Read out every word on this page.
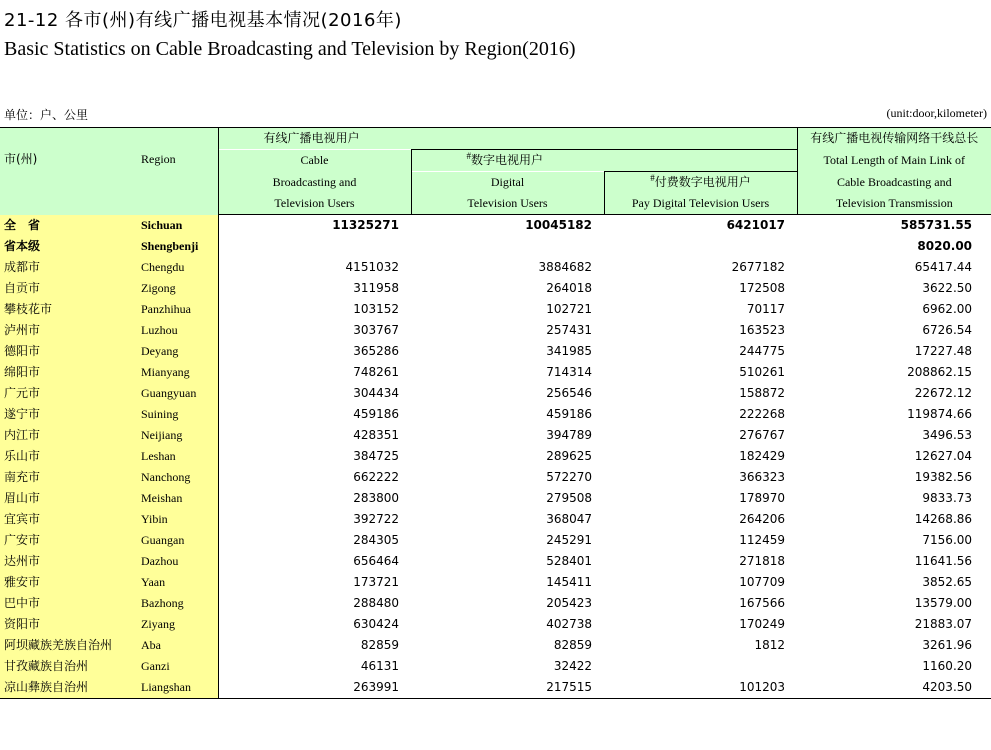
21-12 各市(州)有线广播电视基本情况(2016年)
Basic Statistics on Cable Broadcasting and Television by Region(2016)
单位：户、公里	(unit:door,kilometer)
市(州)	Region	有线广播电视用户			有线广播电视传输网络干线总长
		Cable	#数字电视用户		Total Length of Main Link of
		Broadcasting and	Digital	#付费数字电视用户	Cable Broadcasting and
		Television Users	Television Users	Pay Digital Television Users	Television Transmission
全　省	Sichuan	11325271	10045182	6421017	585731.55
省本级	Shengbenji				8020.00
成都市	Chengdu	4151032	3884682	2677182	65417.44
自贡市	Zigong	311958	264018	172508	3622.50
攀枝花市	Panzhihua	103152	102721	70117	6962.00
泸州市	Luzhou	303767	257431	163523	6726.54
德阳市	Deyang	365286	341985	244775	17227.48
绵阳市	Mianyang	748261	714314	510261	208862.15
广元市	Guangyuan	304434	256546	158872	22672.12
遂宁市	Suining	459186	459186	222268	119874.66
内江市	Neijiang	428351	394789	276767	3496.53
乐山市	Leshan	384725	289625	182429	12627.04
南充市	Nanchong	662222	572270	366323	19382.56
眉山市	Meishan	283800	279508	178970	9833.73
宜宾市	Yibin	392722	368047	264206	14268.86
广安市	Guangan	284305	245291	112459	7156.00
达州市	Dazhou	656464	528401	271818	11641.56
雅安市	Yaan	173721	145411	107709	3852.65
巴中市	Bazhong	288480	205423	167566	13579.00
资阳市	Ziyang	630424	402738	170249	21883.07
阿坝藏族羌族自治州	Aba	82859	82859	1812	3261.96
甘孜藏族自治州	Ganzi	46131	32422		1160.20
凉山彝族自治州	Liangshan	263991	217515	101203	4203.50
